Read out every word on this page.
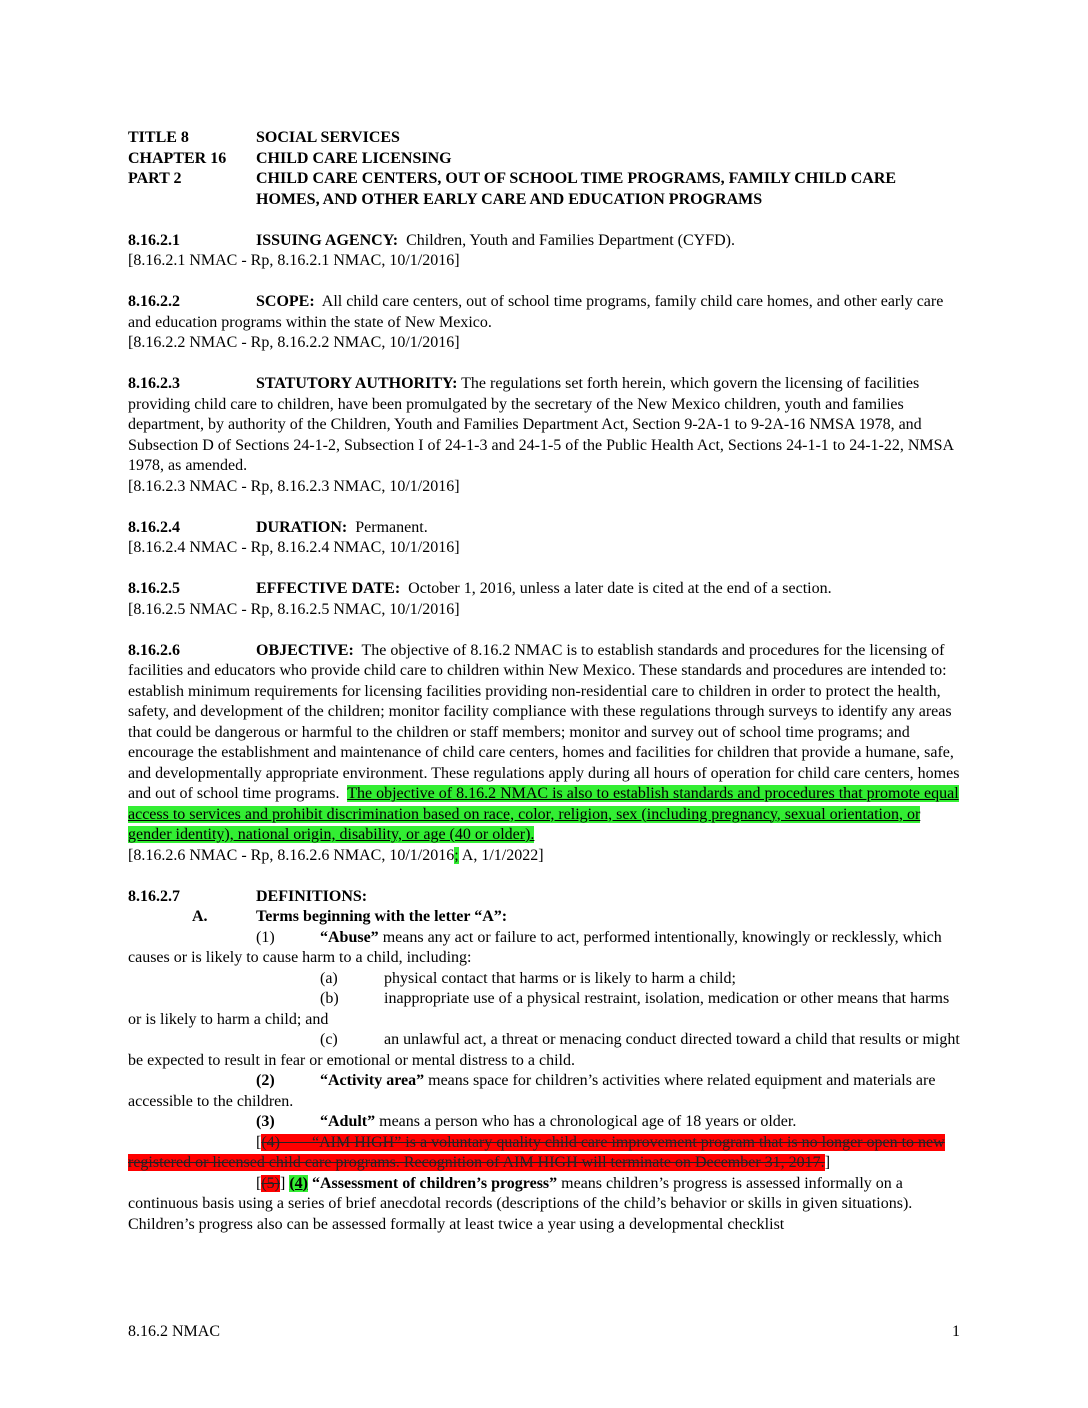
TITLE 8	SOCIAL SERVICES
CHAPTER 16	CHILD CARE LICENSING
PART 2	CHILD CARE CENTERS, OUT OF SCHOOL TIME PROGRAMS, FAMILY CHILD CARE HOMES, AND OTHER EARLY CARE AND EDUCATION PROGRAMS

8.16.2.1	ISSUING AGENCY: Children, Youth and Families Department (CYFD).

[8.16.2.1 NMAC - Rp, 8.16.2.1 NMAC, 10/1/2016]

8.16.2.2	SCOPE: All child care centers, out of school time programs, family child care homes, and other early care and education programs within the state of New Mexico.

[8.16.2.2 NMAC - Rp, 8.16.2.2 NMAC, 10/1/2016]

8.16.2.3	STATUTORY AUTHORITY: The regulations set forth herein, which govern the licensing of facilities providing child care to children, have been promulgated by the secretary of the New Mexico children, youth and families department, by authority of the Children, Youth and Families Department Act, Section 9-2A-1 to 9-2A-16 NMSA 1978, and Subsection D of Sections 24-1-2, Subsection I of 24-1-3 and 24-1-5 of the Public Health Act, Sections 24-1-1 to 24-1-22, NMSA 1978, as amended.

[8.16.2.3 NMAC - Rp, 8.16.2.3 NMAC, 10/1/2016]

8.16.2.4	DURATION: Permanent.

[8.16.2.4 NMAC - Rp, 8.16.2.4 NMAC, 10/1/2016]

8.16.2.5	EFFECTIVE DATE: October 1, 2016, unless a later date is cited at the end of a section.

[8.16.2.5 NMAC - Rp, 8.16.2.5 NMAC, 10/1/2016]

8.16.2.6	OBJECTIVE: The objective of 8.16.2 NMAC is to establish standards and procedures for the licensing of facilities and educators who provide child care to children within New Mexico. These standards and procedures are intended to: establish minimum requirements for licensing facilities providing non-residential care to children in order to protect the health, safety, and development of the children; monitor facility compliance with these regulations through surveys to identify any areas that could be dangerous or harmful to the children or staff members; monitor and survey out of school time programs; and encourage the establishment and maintenance of child care centers, homes and facilities for children that provide a humane, safe, and developmentally appropriate environment. These regulations apply during all hours of operation for child care centers, homes and out of school time programs. The objective of 8.16.2 NMAC is also to establish standards and procedures that promote equal access to services and prohibit discrimination based on race, color, religion, sex (including pregnancy, sexual orientation, or gender identity), national origin, disability, or age (40 or older).

[8.16.2.6 NMAC - Rp, 8.16.2.6 NMAC, 10/1/2016; A, 1/1/2022]

8.16.2.7	DEFINITIONS:

A.	Terms beginning with the letter “A”:

(1)	“Abuse” means any act or failure to act, performed intentionally, knowingly or recklessly, which causes or is likely to cause harm to a child, including:

(a)	physical contact that harms or is likely to harm a child;

(b)	inappropriate use of a physical restraint, isolation, medication or other means that harms or is likely to harm a child; and

(c)	an unlawful act, a threat or menacing conduct directed toward a child that results or might be expected to result in fear or emotional or mental distress to a child.

(2)	“Activity area” means space for children’s activities where related equipment and materials are accessible to the children.

(3)	“Adult” means a person who has a chronological age of 18 years or older.

[(4)  “AIM HIGH” is a voluntary quality child care improvement program that is no longer open to new registered or licensed child care programs. Recognition of AIM HIGH will terminate on December 31, 2017.]

[(5)] (4) “Assessment of children’s progress” means children’s progress is assessed informally on a continuous basis using a series of brief anecdotal records (descriptions of the child’s behavior or skills in given situations). Children’s progress also can be assessed formally at least twice a year using a developmental checklist

8.16.2 NMAC	1
